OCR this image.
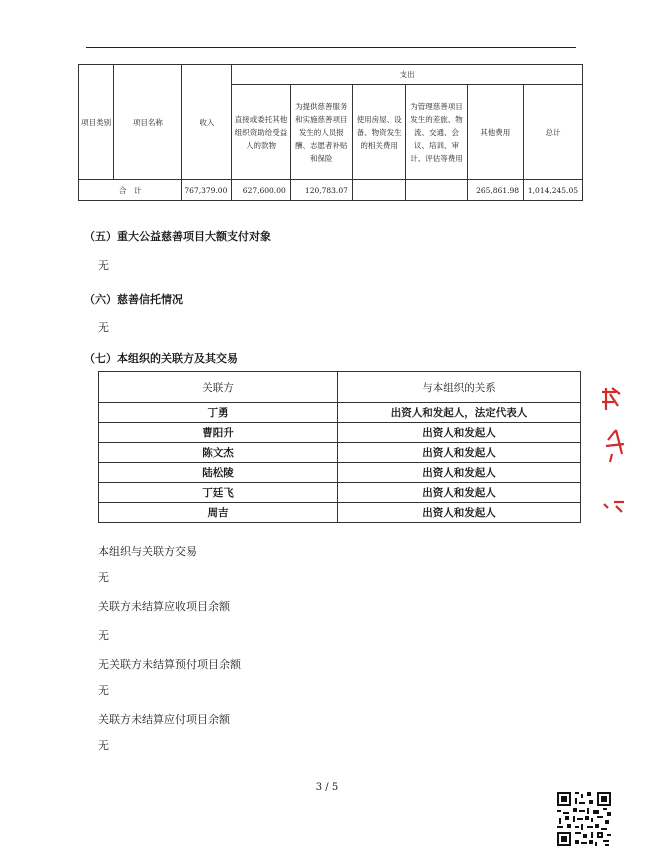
项目类别	项目名称	收入	支出					
			直接或委托其他组织资助给受益人的款物	为提供慈善服务和实施慈善项目发生的人员报酬、志愿者补贴和保险	使用房屋、设备、物资发生的相关费用	为管理慈善项目发生的差旅、物流、交通、会议、培训、审计、评估等费用	其他费用	总计
合　计		767,379.00	627,600.00	120,783.07			265,861.98	1,014,245.05
（五）重大公益慈善项目大额支付对象
无
（六）慈善信托情况
无
（七）本组织的关联方及其交易
关联方	与本组织的关系
丁勇	出资人和发起人，法定代表人
曹阳升	出资人和发起人
陈文杰	出资人和发起人
陆松陵	出资人和发起人
丁廷飞	出资人和发起人
周吉	出资人和发起人
本组织与关联方交易
无
关联方未结算应收项目余额
无
无关联方未结算预付项目余额
无
关联方未结算应付项目余额
无
3 / 5
